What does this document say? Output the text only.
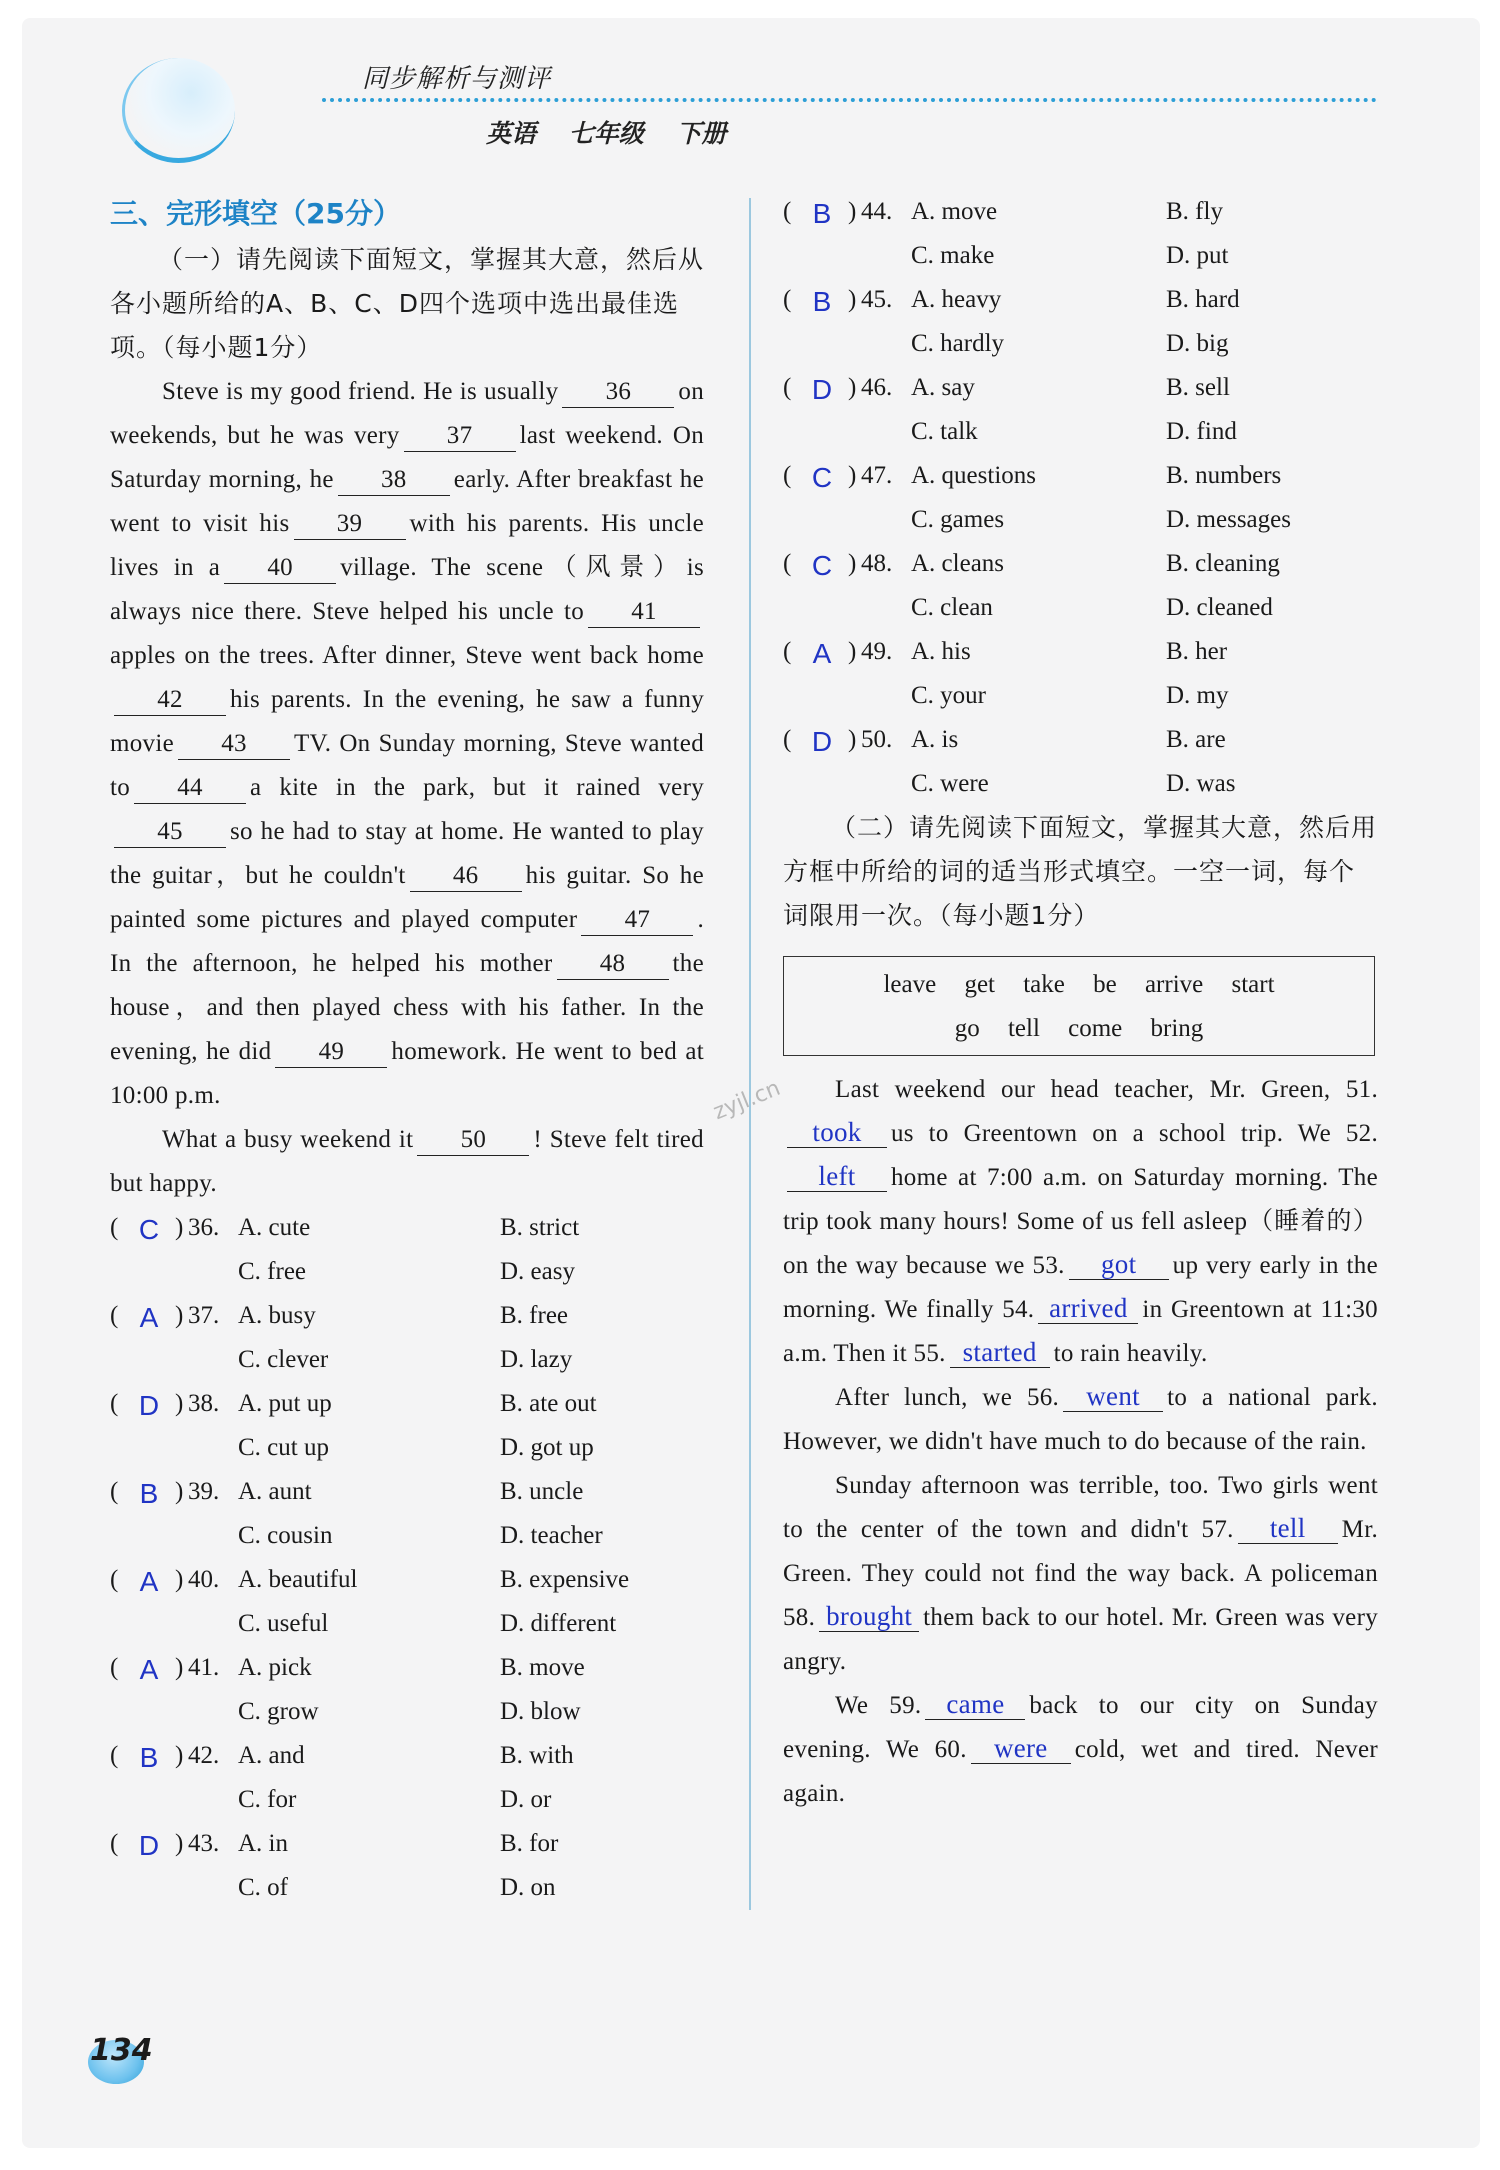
同步解析与测评
英语 七年级 下册
三、完形填空（25分）
（一）请先阅读下面短文，掌握其大意，然后从各小题所给的A、B、C、D四个选项中选出最佳选项。（每小题1分）
Steve is my good friend. He is usually 36 on weekends, but he was very 37 last weekend. On Saturday morning, he 38 early. After breakfast he went to visit his 39 with his parents. His uncle lives in a 40 village. The scene（风景）is always nice there. Steve helped his uncle to 41apples on the trees. After dinner, Steve went back home42 his parents. In the evening, he saw a funny movie 43 TV. On Sunday morning, Steve wanted to 44 a kite in the park, but it rained very45 so he had to stay at home. He wanted to play the guitar，but he couldn't 46 his guitar. So he painted some pictures and played computer 47 . In the afternoon, he helped his mother 48 the house，and then played chess with his father. In the evening, he did 49 homework. He went to bed at 10:00 p.m.
What a busy weekend it 50 ! Steve felt tired but happy.
( C ) 36. A. cute	B. strict
C. free	D. easy
( A ) 37. A. busy	B. free
C. clever	D. lazy
( D ) 38. A. put up	B. ate out
C. cut up	D. got up
( B ) 39. A. aunt	B. uncle
C. cousin	D. teacher
( A ) 40. A. beautiful	B. expensive
C. useful	D. different
( A ) 41. A. pick	B. move
C. grow	D. blow
( B ) 42. A. and	B. with
C. for	D. or
( D ) 43. A. in	B. for
C. of	D. on
( B ) 44. A. move	B. fly
C. make	D. put
( B ) 45. A. heavy	B. hard
C. hardly	D. big
( D ) 46. A. say	B. sell
C. talk	D. find
( C ) 47. A. questions	B. numbers
C. games	D. messages
( C ) 48. A. cleans	B. cleaning
C. clean	D. cleaned
( A ) 49. A. his	B. her
C. your	D. my
( D ) 50. A. is	B. are
C. were	D. was
（二）请先阅读下面短文，掌握其大意，然后用方框中所给的词的适当形式填空。一空一词，每个词限用一次。（每小题1分）
leave get take be arrive start
go tell come bring
Last weekend our head teacher, Mr. Green, 51.took us to Greentown on a school trip. We 52.left home at 7:00 a.m. on Saturday morning. The trip took many hours! Some of us fell asleep（睡着的）on the way because we 53. got up very early in the morning. We finally 54. arrived in Greentown at 11:30 a.m. Then it 55. started to rain heavily.
After lunch, we 56. went to a national park. However, we didn't have much to do because of the rain.
Sunday afternoon was terrible, too. Two girls went to the center of the town and didn't 57. tell Mr. Green. They could not find the way back. A policeman 58. brought them back to our hotel. Mr. Green was very angry.
We 59. came back to our city on Sunday evening. We 60. were cold, wet and tired. Never again.
zyjl.cn
134
